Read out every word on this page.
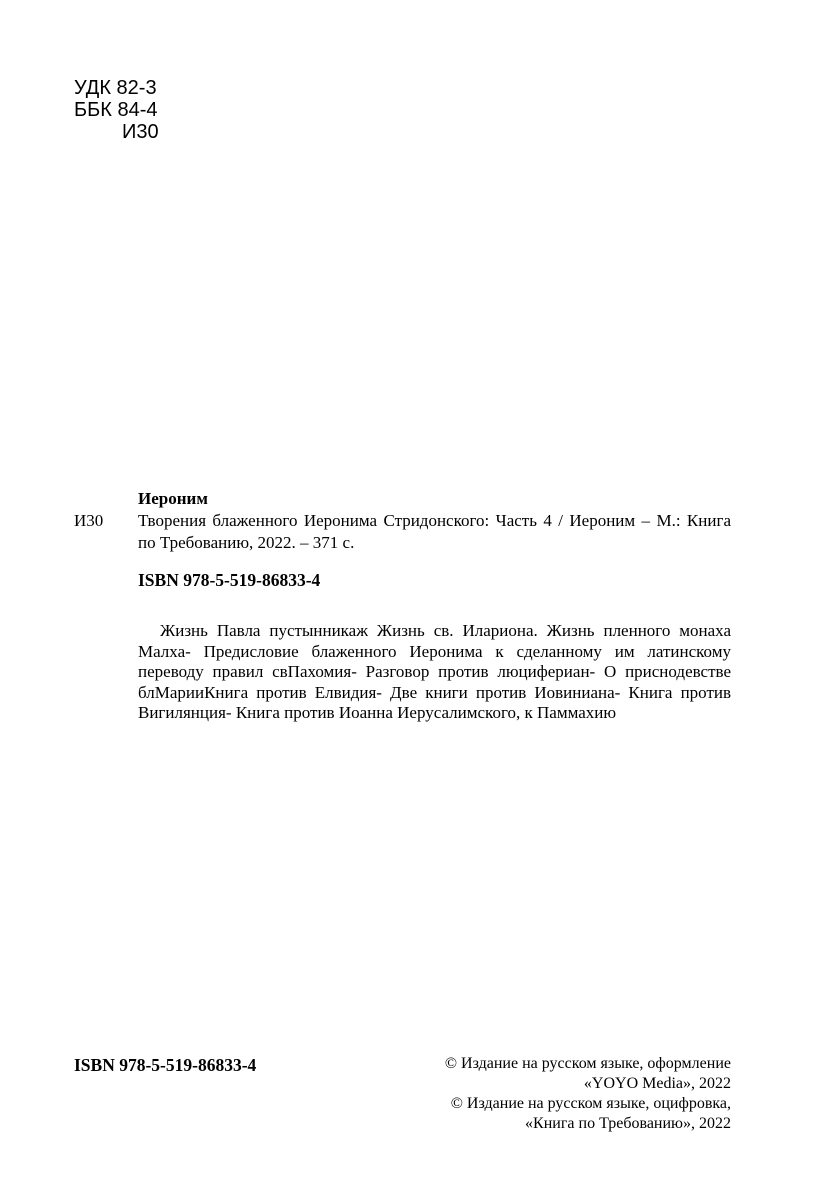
УДК 82-3
ББК 84-4
И30
Иероним
И30 Творения блаженного Иеронима Стридонского: Часть 4 / Иероним – М.: Книга по Требованию, 2022. – 371 с.
ISBN 978-5-519-86833-4
Жизнь Павла пустынникаж Жизнь св. Илариона. Жизнь пленного монаха Малха- Предисловие блаженного Иеронима к сделанному им латинскому переводу правил свПахомия- Разговор против люцифериан- О приснодевстве блМарииКнига против Елвидия- Две книги против Иовиниана- Книга против Вигилянция- Книга против Иоанна Иерусалимского, к Паммахию
ISBN 978-5-519-86833-4	© Издание на русском языке, оформление
«YOYO Media», 2022
© Издание на русском языке, оцифровка,
«Книга по Требованию», 2022
